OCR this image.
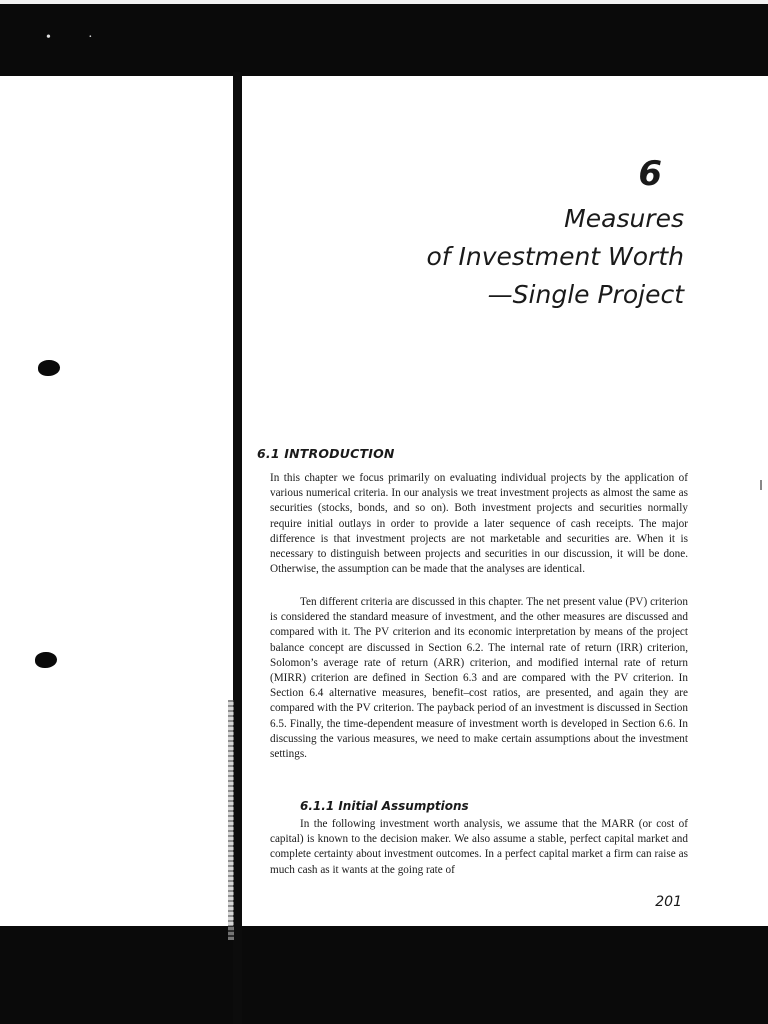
•	·
6
Measures
of Investment Worth
—Single Project
6.1 INTRODUCTION
In this chapter we focus primarily on evaluating individual projects by the application of various numerical criteria. In our analysis we treat investment projects as almost the same as securities (stocks, bonds, and so on). Both investment projects and securities normally require initial outlays in order to provide a later sequence of cash receipts. The major difference is that investment projects are not marketable and securities are. When it is necessary to distinguish between projects and securities in our discussion, it will be done. Otherwise, the assumption can be made that the analyses are identical.
Ten different criteria are discussed in this chapter. The net present value (PV) criterion is considered the standard measure of investment, and the other measures are discussed and compared with it. The PV criterion and its economic interpretation by means of the project balance concept are discussed in Section 6.2. The internal rate of return (IRR) criterion, Solomon’s average rate of return (ARR) criterion, and modified internal rate of return (MIRR) criterion are defined in Section 6.3 and are compared with the PV criterion. In Section 6.4 alternative measures, benefit–cost ratios, are presented, and again they are compared with the PV criterion. The payback period of an investment is discussed in Section 6.5. Finally, the time-dependent measure of investment worth is developed in Section 6.6. In discussing the various measures, we need to make certain assumptions about the investment settings.
6.1.1 Initial Assumptions
In the following investment worth analysis, we assume that the MARR (or cost of capital) is known to the decision maker. We also assume a stable, perfect capital market and complete certainty about investment outcomes. In a perfect capital market a firm can raise as much cash as it wants at the going rate of
201
